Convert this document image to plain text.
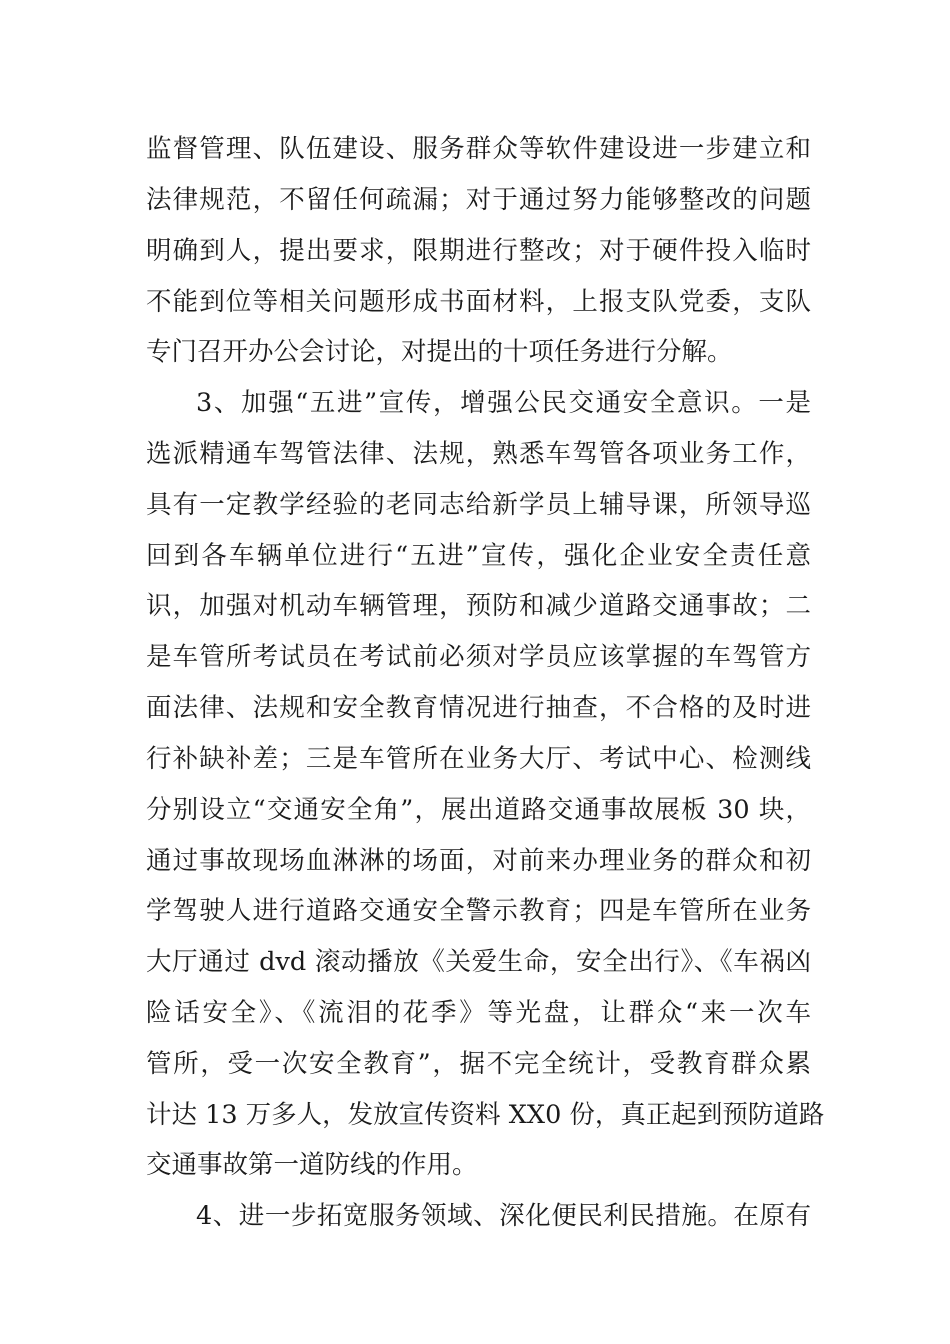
监督管理、队伍建设、服务群众等软件建设进一步建立和
法律规范，不留任何疏漏；对于通过努力能够整改的问题
明确到人，提出要求，限期进行整改；对于硬件投入临时
不能到位等相关问题形成书面材料，上报支队党委，支队
专门召开办公会讨论，对提出的十项任务进行分解。
3、加强“五进”宣传，增强公民交通安全意识。一是
选派精通车驾管法律、法规，熟悉车驾管各项业务工作，
具有一定教学经验的老同志给新学员上辅导课，所领导巡
回到各车辆单位进行“五进”宣传，强化企业安全责任意
识，加强对机动车辆管理，预防和减少道路交通事故；二
是车管所考试员在考试前必须对学员应该掌握的车驾管方
面法律、法规和安全教育情况进行抽查，不合格的及时进
行补缺补差；三是车管所在业务大厅、考试中心、检测线
分别设立“交通安全角”，展出道路交通事故展板 30 块，
通过事故现场血淋淋的场面，对前来办理业务的群众和初
学驾驶人进行道路交通安全警示教育；四是车管所在业务
大厅通过 dvd 滚动播放《关爱生命，安全出行》、《车祸凶
险话安全》、《流泪的花季》等光盘，让群众“来一次车
管所，受一次安全教育”，据不完全统计，受教育群众累
计达 13 万多人，发放宣传资料 XX0 份，真正起到预防道路
交通事故第一道防线的作用。
4、进一步拓宽服务领域、深化便民利民措施。在原有
